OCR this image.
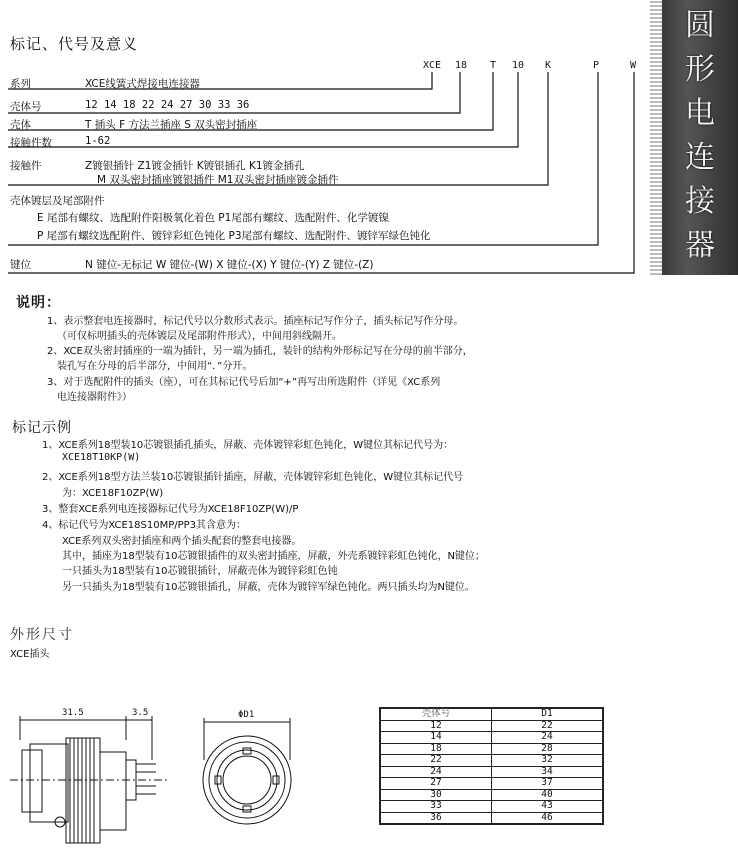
圆
形
电
连
接
器
标记、代号及意义
XCE 18 T 10 K	P	W
系列	XCE线簧式焊接电连接器
壳体号	12 14 18 22 24 27 30 33 36
壳体	T 插头 F 方法兰插座 S 双头密封插座
接触件数	1-62
接触件	Z镀银插针 Z1镀金插针 K镀银插孔 K1镀金插孔
M 双头密封插座镀银插件 M1双头密封插座镀金插件
壳体镀层及尾部附件
E 尾部有螺纹、选配附件阳极氧化着色 P1尾部有螺纹、选配附件、化学镀镍
P 尾部有螺纹选配附件、镀锌彩虹色钝化 P3尾部有螺纹、选配附件、镀锌军绿色钝化
键位	N 键位-无标记 W 键位-(W) X 键位-(X) Y 键位-(Y) Z 键位-(Z)
说明：
1、表示整套电连接器时，标记代号以分数形式表示。插座标记写作分子，插头标记写作分母。
（可仅标明插头的壳体镀层及尾部附件形式），中间用斜线隔开。
2、XCE双头密封插座的一端为插针，另一端为插孔，装针的结构外形标记写在分母的前半部分，
装孔写在分母的后半部分，中间用“．”分开。
3、对于选配附件的插头（座），可在其标记代号后加“+”再写出所选附件（详见《XC系列
电连接器附件》）
标记示例
1、XCE系列18型装10芯镀银插孔插头，屏蔽、壳体镀锌彩虹色钝化，W键位其标记代号为：
XCE18T10KP(W)
2、XCE系列18型方法兰装10芯镀银插针插座，屏蔽，壳体镀锌彩虹色钝化，W键位其标记代号
为：XCE18F10ZP(W)
3、整套XCE系列电连接器标记代号为XCE18F10ZP(W)/P
4、标记代号为XCE18S10MP/PP3其含意为：
XCE系列双头密封插座和两个插头配套的整套电接器。
其中，插座为18型装有10芯镀银插件的双头密封插座，屏蔽，外壳系镀锌彩虹色钝化，N键位；
一只插头为18型装有10芯镀银插针，屏蔽壳体为镀锌彩虹色钝
另一只插头为18型装有10芯镀银插孔，屏蔽，壳体为镀锌军绿色钝化。两只插头均为N键位。
外形尺寸
XCE插头
31.5	3.5	ΦD1	壳体号	D1
12	22
14	24
18	28
22	32
24	34
27	37
30	40
33	43
36	46
